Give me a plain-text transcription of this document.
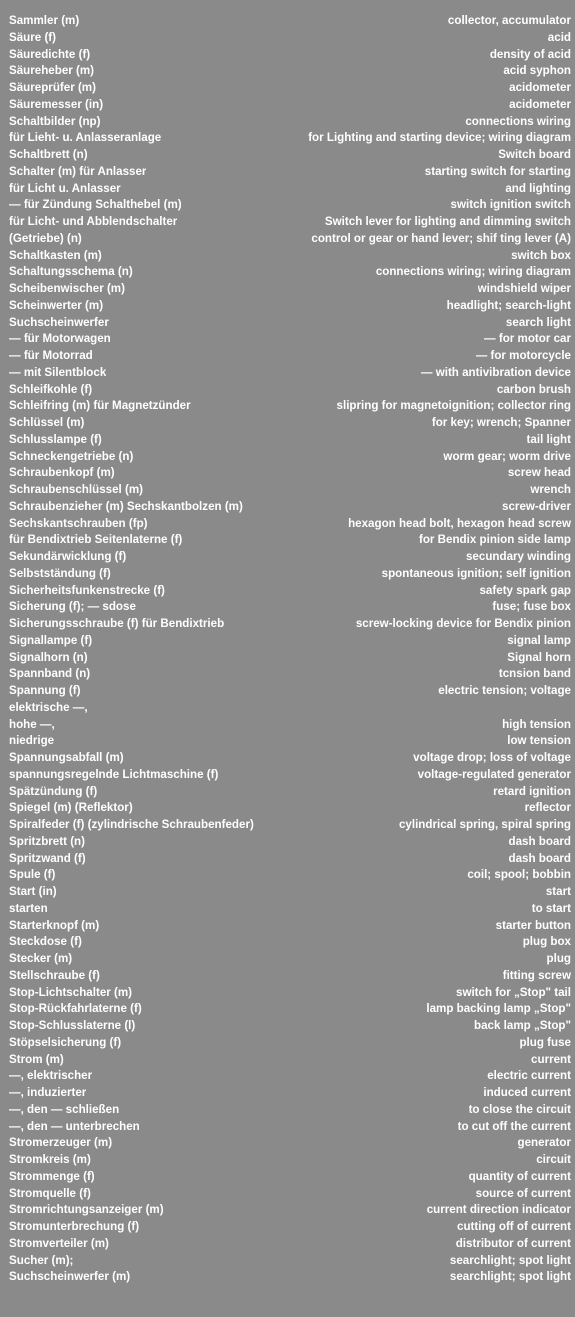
Sammler (m)	collector, accumulator
Säure (f)	acid
Säuredichte (f)	density of acid
Säureheber (m)	acid syphon
Säureprüfer (m)	acidometer
Säuremesser (in)	acidometer
Schaltbilder (np)	connections wiring
für Lieht- u. Anlasseranlage	for Lighting and starting device; wiring diagram
Schaltbrett (n)	Switch board
Schalter (m) für Anlasser	starting switch for starting
für Licht u. Anlasser	and lighting
— für Zündung Schalthebel (m)	switch ignition switch
für Licht- und Abblendschalter	Switch lever for lighting and dimming switch
(Getriebe) (n)	control or gear or hand lever; shif ting lever (A)
Schaltkasten (m)	switch box
Schaltungsschema (n)	connections wiring; wiring diagram
Scheibenwischer (m)	windshield wiper
Scheinwerter (m)	headlight; search-light
Suchscheinwerfer	search light
— für Motorwagen	— for motor car
— für Motorrad	— for motorcycle
— mit Silentblock	— with antivibration device
Schleifkohle (f)	carbon brush
Schleifring (m) für Magnetzünder	slipring for magnetoignition; collector ring
Schlüssel (m)	for key; wrench; Spanner
Schlusslampe (f)	tail light
Schneckengetriebe (n)	worm gear; worm drive
Schraubenkopf (m)	screw head
Schraubenschlüssel (m)	wrench
Schraubenzieher (m) Sechskantbolzen (m)	screw-driver
Sechskantschrauben (fp)	hexagon head bolt, hexagon head screw
für Bendixtrieb Seitenlaterne (f)	for Bendix pinion side lamp
Sekundärwicklung (f)	secundary winding
Selbstständung (f)	spontaneous ignition; self ignition
Sicherheitsfunkenstrecke (f)	safety spark gap
Sicherung (f); — sdose	fuse; fuse box
Sicherungsschraube (f) für Bendixtrieb	screw-locking device for Bendix pinion
Signallampe (f)	signal lamp
Signalhorn (n)	Signal horn
Spannband (n)	tcnsion band
Spannung (f)	electric tension; voltage
elektrische —,
hohe —,	high tension
niedrige	low tension
Spannungsabfall (m)	voltage drop; loss of voltage
spannungsregelnde Lichtmaschine (f)	voltage-regulated generator
Spätzündung (f)	retard ignition
Spiegel (m) (Reflektor)	reflector
Spiralfeder (f) (zylindrische Schraubenfeder)	cylindrical spring, spiral spring
Spritzbrett (n)	dash board
Spritzwand (f)	dash board
Spule (f)	coil; spool; bobbin
Start (in)	start
starten	to start
Starterknopf (m)	starter button
Steckdose (f)	plug box
Stecker (m)	plug
Stellschraube (f)	fitting screw
Stop-Lichtschalter (m)	switch for „Stop" tail
Stop-Rückfahrlaterne (f)	lamp backing lamp „Stop"
Stop-Schlusslaterne (l)	back lamp „Stop"
Stöpselsicherung (f)	plug fuse
Strom (m)	current
—, elektrischer	electric current
—, induzierter	induced current
—, den — schließen	to close the circuit
—, den — unterbrechen	to cut off the current
Stromerzeuger (m)	generator
Stromkreis (m)	circuit
Strommenge (f)	quantity of current
Stromquelle (f)	source of current
Stromrichtungsanzeiger (m)	current direction indicator
Stromunterbrechung (f)	cutting off of current
Stromverteiler (m)	distributor of current
Sucher (m);	searchlight; spot light
Suchscheinwerfer (m)	searchlight; spot light
